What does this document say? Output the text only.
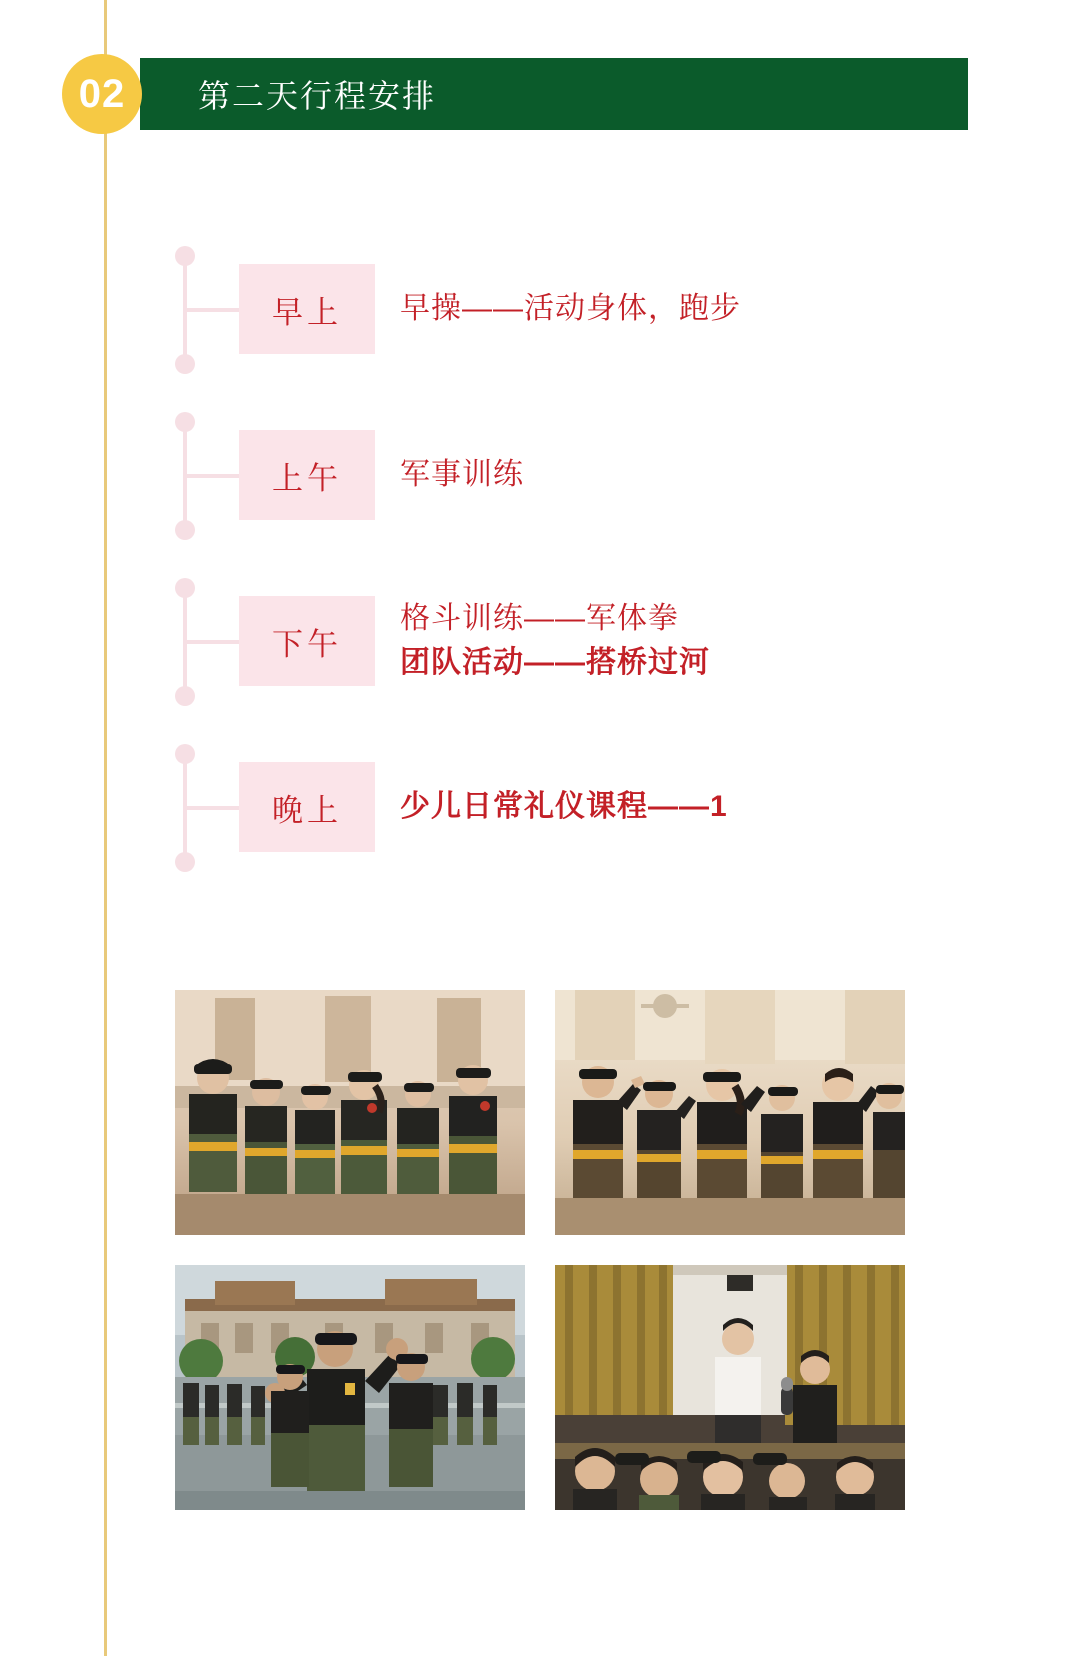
第二天行程安排
02
早上 早操——活动身体，跑步
上午 军事训练
下午
格斗训练——军体拳
团队活动——搭桥过河
晚上 少儿日常礼仪课程——1
